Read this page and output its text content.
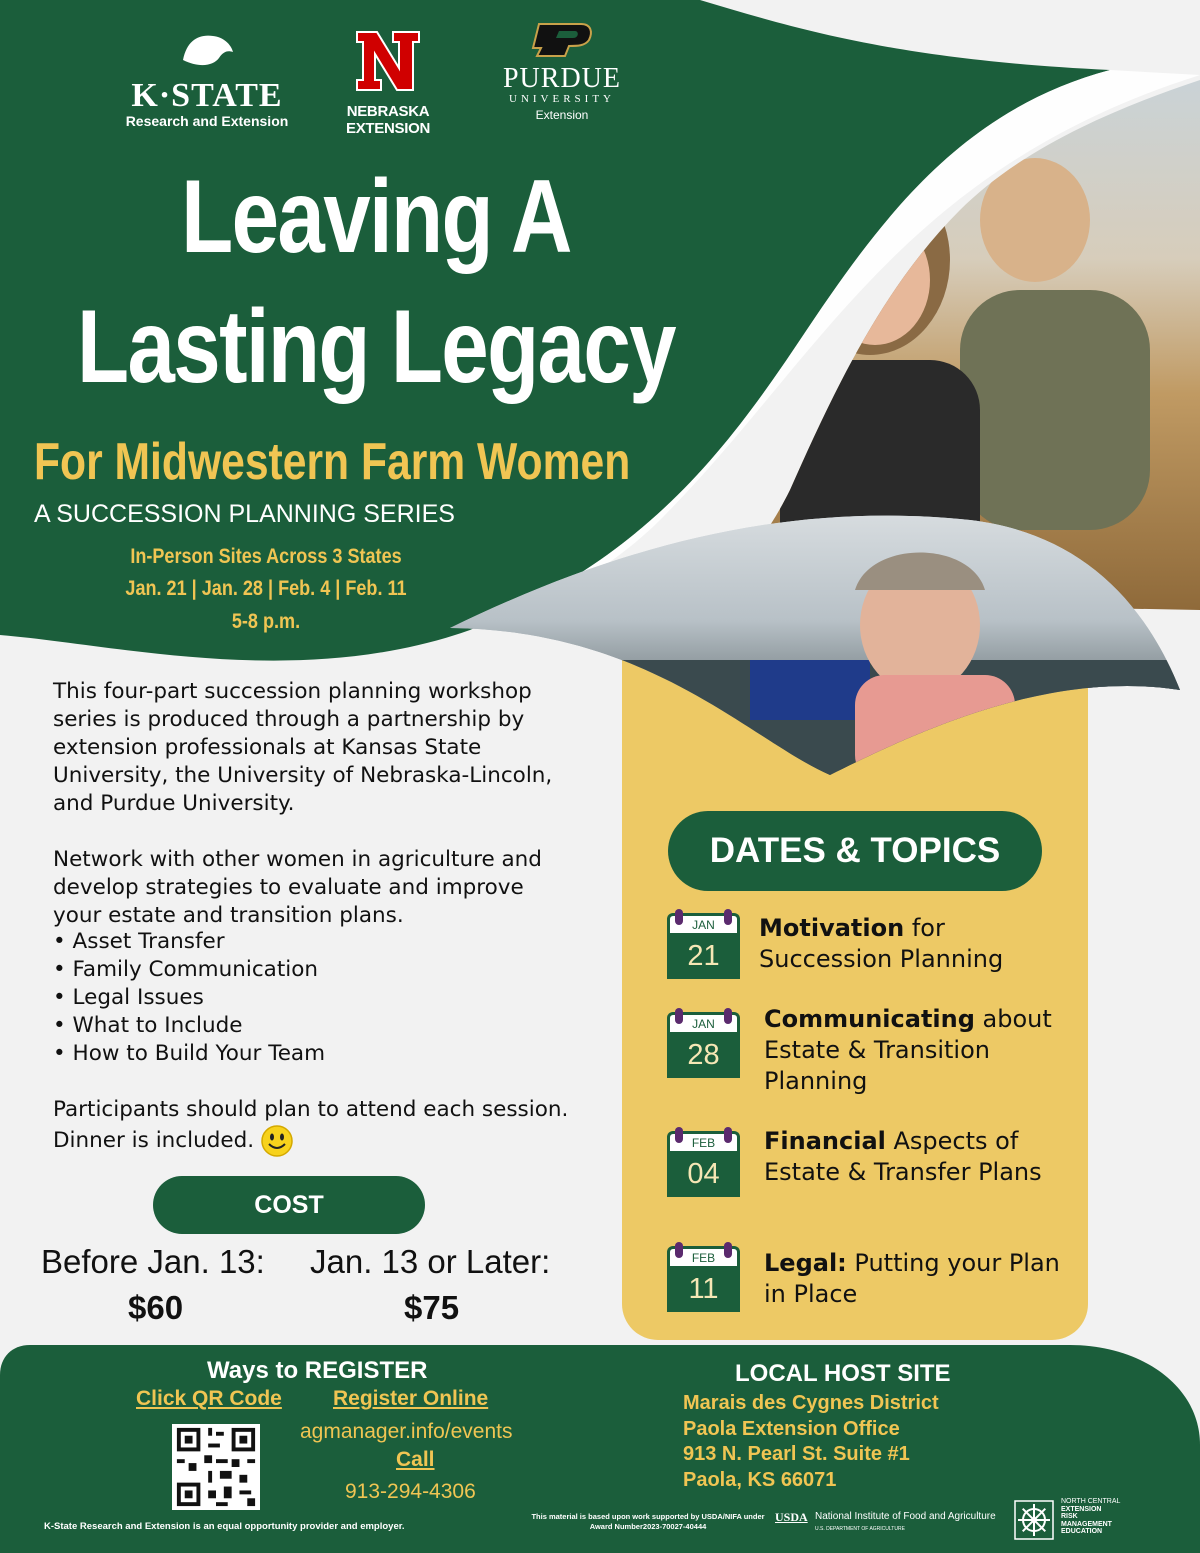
K·STATE
Research and Extension
NEBRASKA EXTENSION
PURDUE
UNIVERSITY
Extension
Leaving A
Lasting Legacy
For Midwestern Farm Women
A SUCCESSION PLANNING SERIES
In-Person Sites Across 3 States
Jan. 21 | Jan. 28 | Feb. 4 | Feb. 11
5-8 p.m.

This four-part succession planning workshop series is produced through a partnership by extension professionals at Kansas State University, the University of Nebraska-Lincoln, and Purdue University.

Network with other women in agriculture and develop strategies to evaluate and improve your estate and transition plans.

• Asset Transfer
• Family Communication
• Legal Issues
• What to Include
• How to Build Your Team

Participants should plan to attend each session. Dinner is included.

COST
Before Jan. 13: Jan. 13 or Later:
$60	$75
DATES & TOPICS
JAN
21
Motivation for Succession Planning
JAN
28
Communicating about Estate & Transition Planning
FEB
04
Financial Aspects of Estate & Transfer Plans
FEB
11
Legal: Putting your Plan in Place
Ways to REGISTER
Click QR Code Register Online
agmanager.info/events
Call
913-294-4306
LOCAL HOST SITE
Marais des Cygnes District
Paola Extension Office
913 N. Pearl St. Suite #1
Paola, KS 66071
K-State Research and Extension is an equal opportunity provider and employer.
This material is based upon work supported by USDA/NIFA under Award Number2023-70027-40444
USDA National Institute of Food and Agriculture
U.S. DEPARTMENT OF AGRICULTURE
NORTH CENTRAL
EXTENSION
RISK
MANAGEMENT
EDUCATION
